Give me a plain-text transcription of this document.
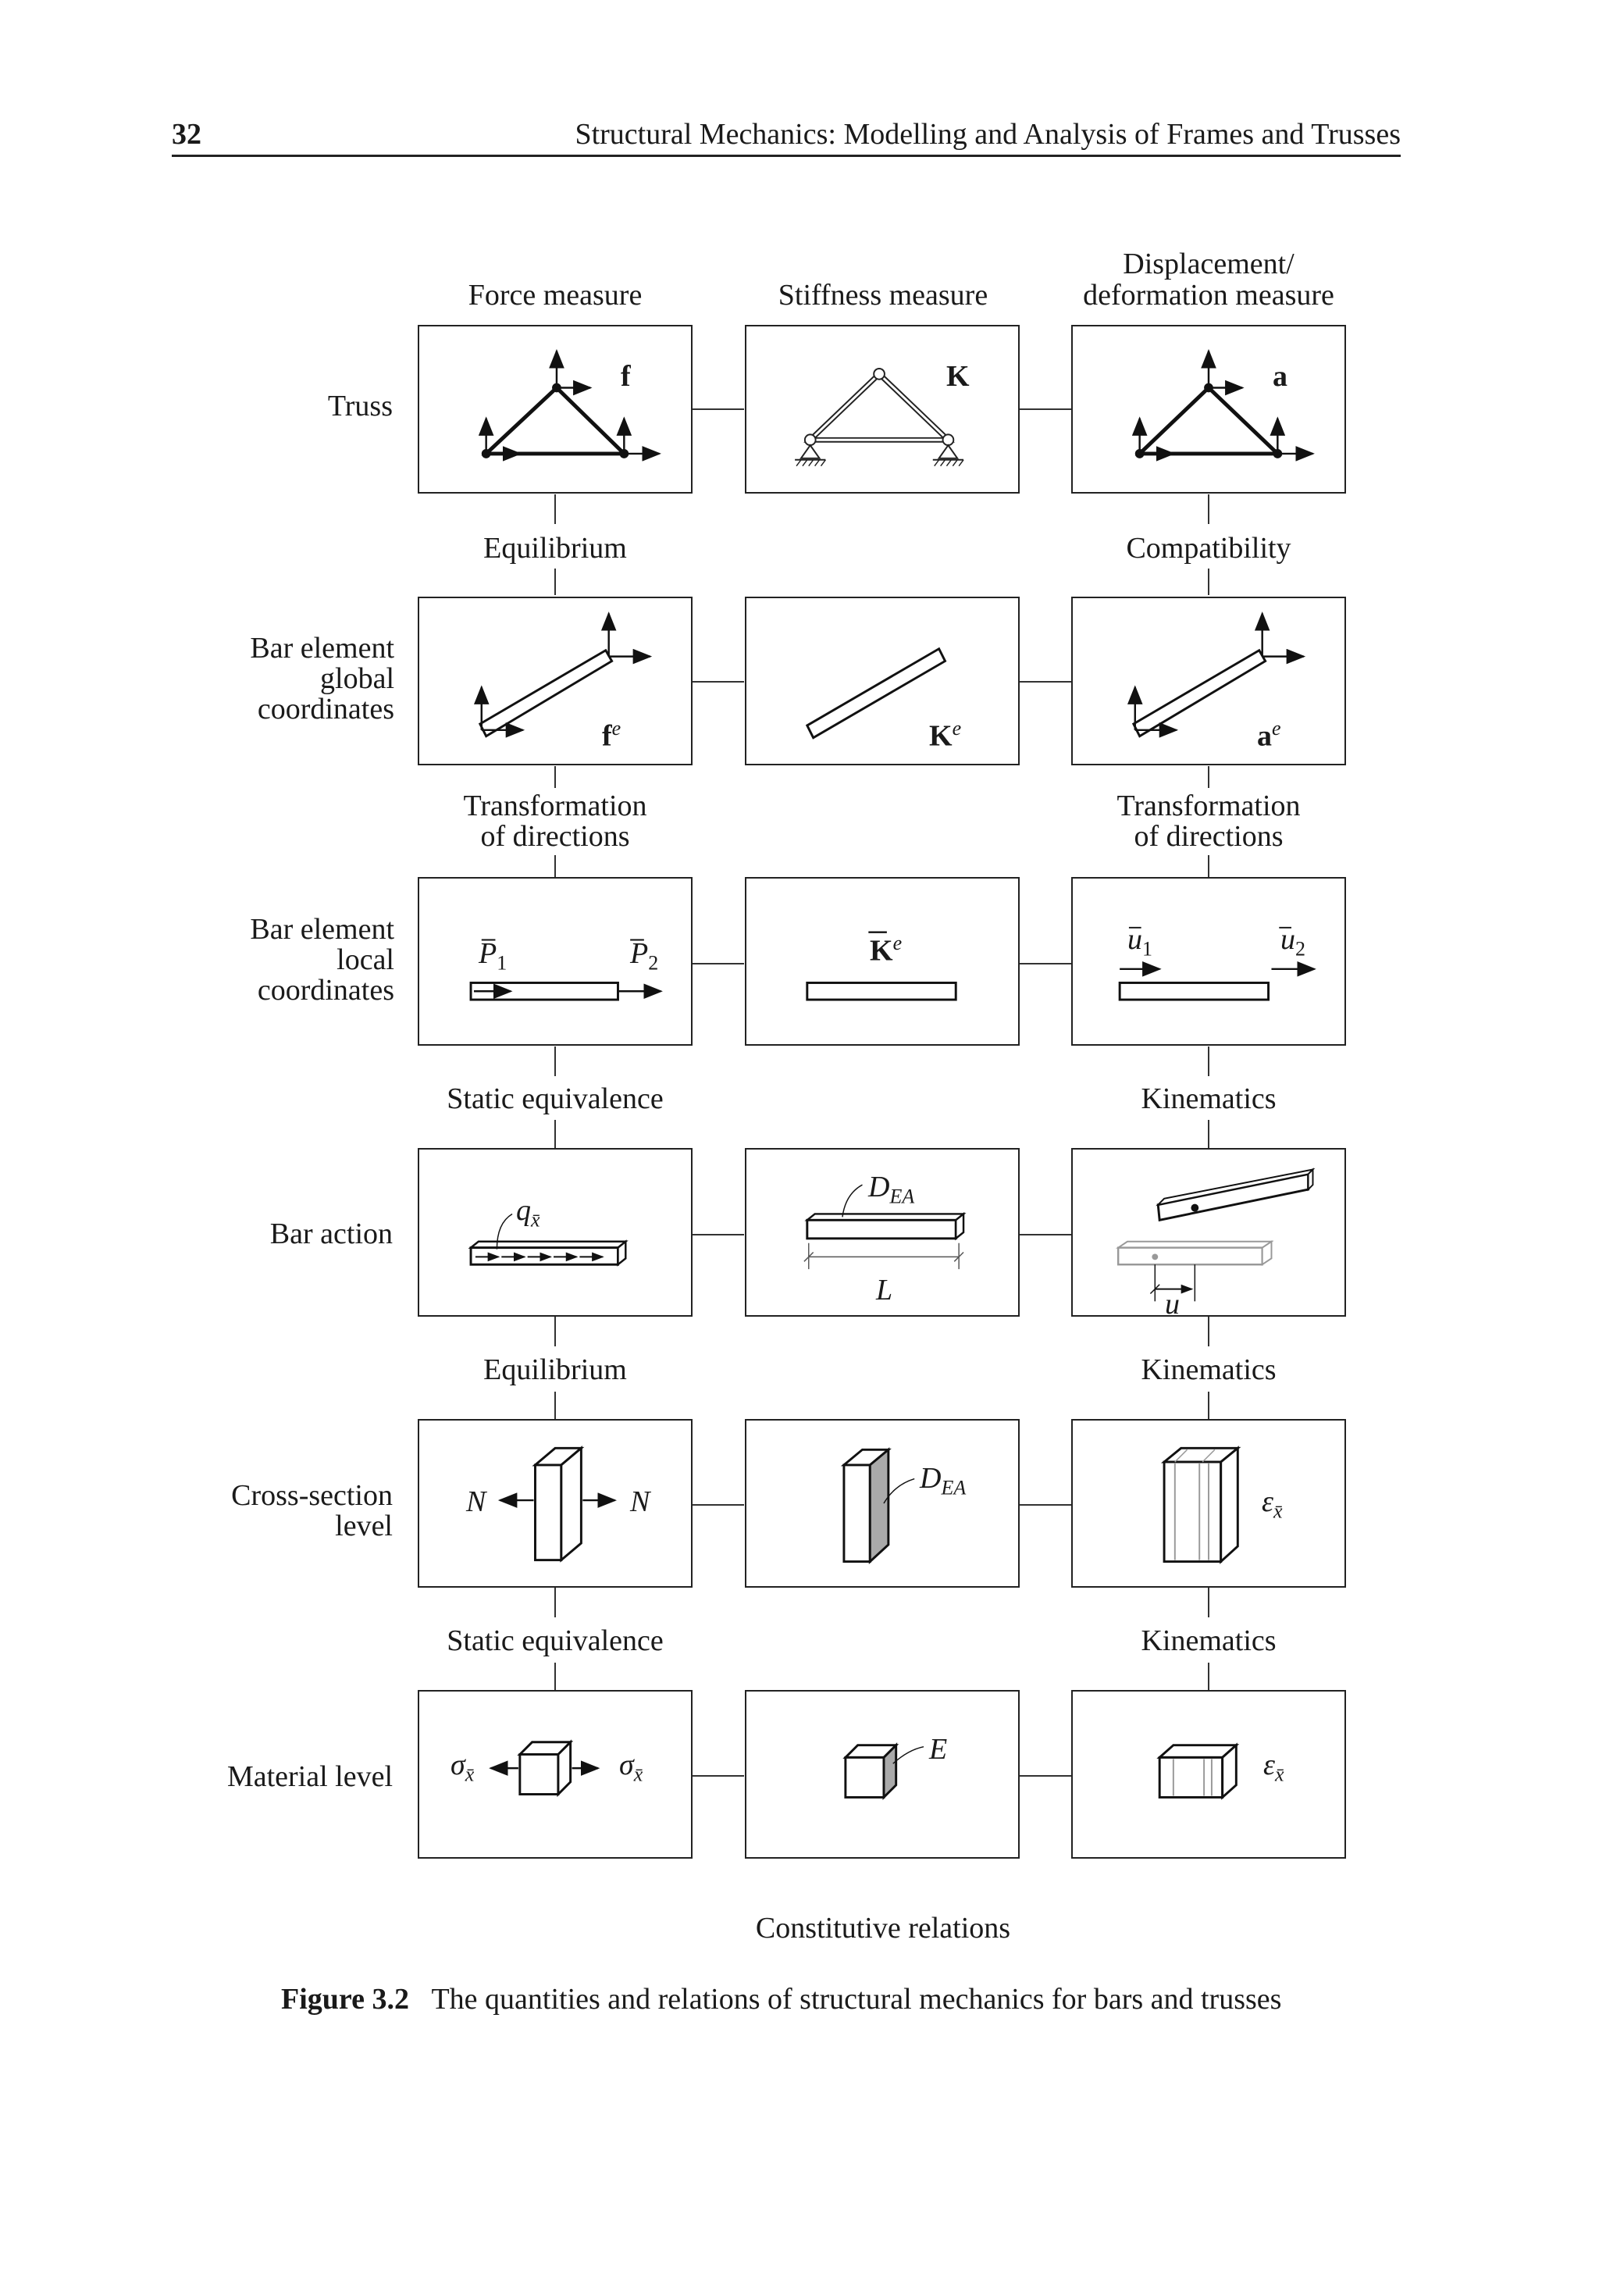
32	Structural Mechanics: Modelling and Analysis of Frames and Trusses
Force measure	Stiffness measure
Displacement/
deformation measure
Truss
Bar element
global
coordinates
Bar element
local
coordinates
Bar action
Cross-section
level
Material level
Equilibrium	Compatibility
Transformation
of directions
Transformation
of directions
Static equivalence	Kinematics
Equilibrium	Kinematics
Static equivalence	Kinematics
Constitutive relations
f	K	a
$f^e$	$K^e$	$a^e$
$P_1$	$P_2$	$K^e$	$u_1$	$u_2$
$q_{x̄}$
$D_{EA}$
L	u
N	N
$D_{EA}$	$\varepsilon_{x̄}$
$\sigma_{x̄}$	$\sigma_{x̄}$
E	$\varepsilon_{x̄}$
Figure 3.2 The quantities and relations of structural mechanics for bars and trusses
